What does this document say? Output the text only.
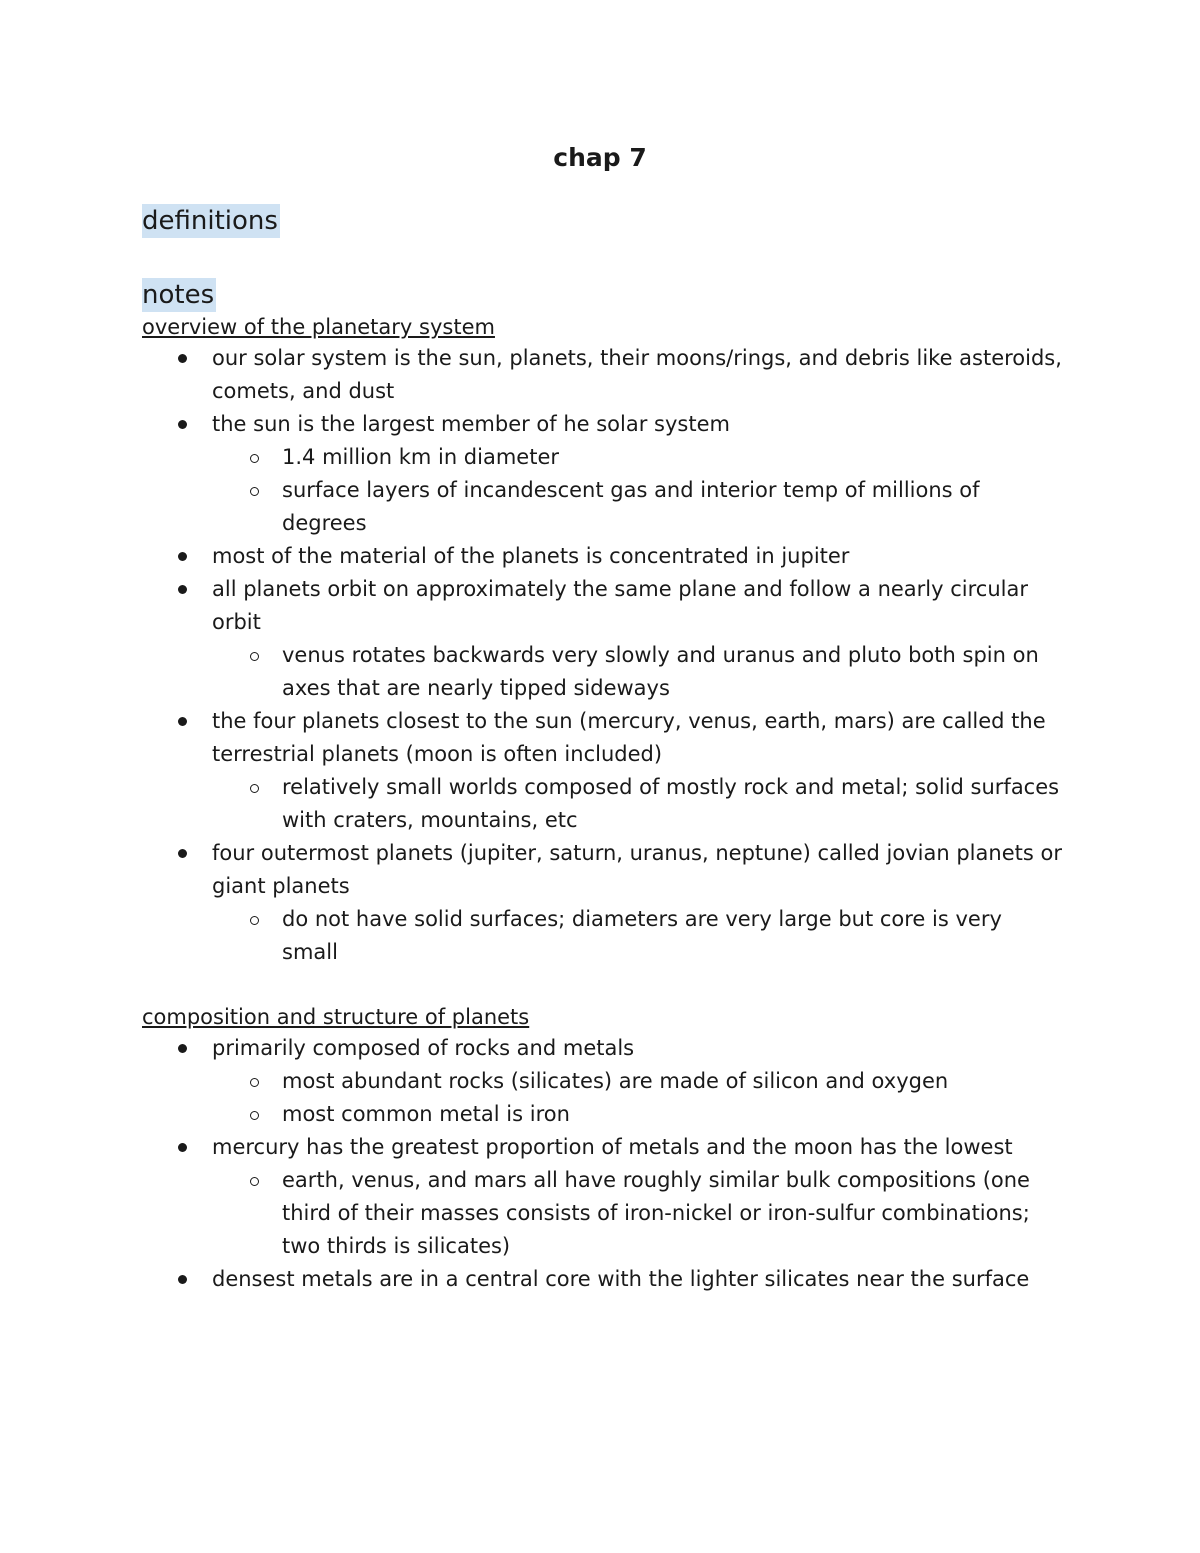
chap 7
definitions
notes
overview of the planetary system
our solar system is the sun, planets, their moons/rings, and debris like asteroids, comets, and dust
the sun is the largest member of he solar system
1.4 million km in diameter
surface layers of incandescent gas and interior temp of millions of degrees
most of the material of the planets is concentrated in jupiter
all planets orbit on approximately the same plane and follow a nearly circular orbit
venus rotates backwards very slowly and uranus and pluto both spin on axes that are nearly tipped sideways
the four planets closest to the sun (mercury, venus, earth, mars) are called the terrestrial planets (moon is often included)
relatively small worlds composed of mostly rock and metal; solid surfaces with craters, mountains, etc
four outermost planets (jupiter, saturn, uranus, neptune) called jovian planets or giant planets
do not have solid surfaces; diameters are very large but core is very small
composition and structure of planets
primarily composed of rocks and metals
most abundant rocks (silicates) are made of silicon and oxygen
most common metal is iron
mercury has the greatest proportion of metals and the moon has the lowest
earth, venus, and mars all have roughly similar bulk compositions (one third of their masses consists of iron-nickel or iron-sulfur combinations; two thirds is silicates)
densest metals are in a central core with the lighter silicates near the surface
